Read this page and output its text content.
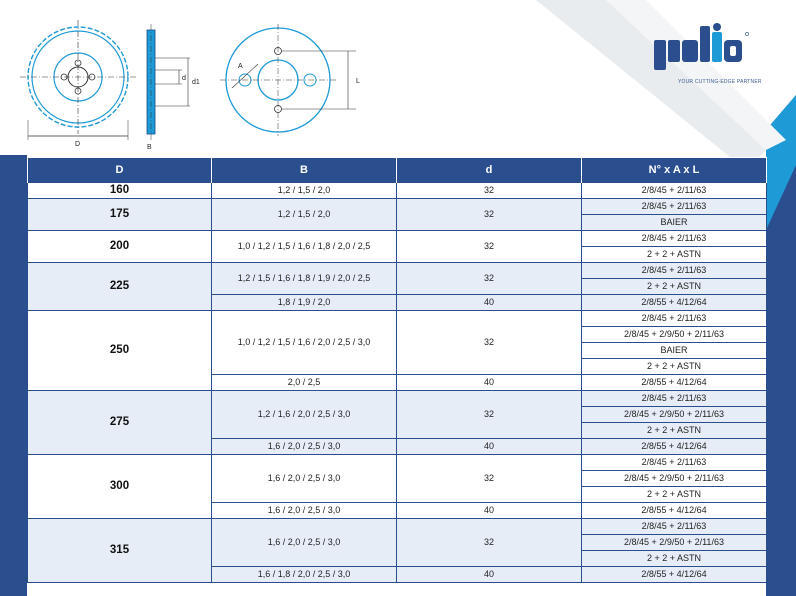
D
d
d1
B
A
L	YOUR CUTTING-EDGE PARTNER
D	B	d	N° x A x L
160	1,2 / 1,5 / 2,0	32	2/8/45 + 2/11/63
175	1,2 / 1,5 / 2,0	32	2/8/45 + 2/11/63
			BAIER
200	1,0 / 1,2 / 1,5 / 1,6 / 1,8 / 2,0 / 2,5	32	2/8/45 + 2/11/63
			2 + 2 + ASTN
225	1,2 / 1,5 / 1,6 / 1,8 / 1,9 / 2,0 / 2,5	32	2/8/45 + 2/11/63
			2 + 2 + ASTN
	1,8 / 1,9 / 2,0	40	2/8/55 + 4/12/64
250	1,0 / 1,2 / 1,5 / 1,6 / 2,0 / 2,5 / 3,0	32	2/8/45 + 2/11/63
			2/8/45 + 2/9/50 + 2/11/63
			BAIER
			2 + 2 + ASTN
	2,0 / 2,5	40	2/8/55 + 4/12/64
275	1,2 / 1,6 / 2,0 / 2,5 / 3,0	32	2/8/45 + 2/11/63
			2/8/45 + 2/9/50 + 2/11/63
			2 + 2 + ASTN
	1,6 / 2,0 / 2,5 / 3,0	40	2/8/55 + 4/12/64
300	1,6 / 2,0 / 2,5 / 3,0	32	2/8/45 + 2/11/63
			2/8/45 + 2/9/50 + 2/11/63
			2 + 2 + ASTN
	1,6 / 2,0 / 2,5 / 3,0	40	2/8/55 + 4/12/64
315	1,6 / 2,0 / 2,5 / 3,0	32	2/8/45 + 2/11/63
			2/8/45 + 2/9/50 + 2/11/63
			2 + 2 + ASTN
	1,6 / 1,8 / 2,0 / 2,5 / 3,0	40	2/8/55 + 4/12/64
